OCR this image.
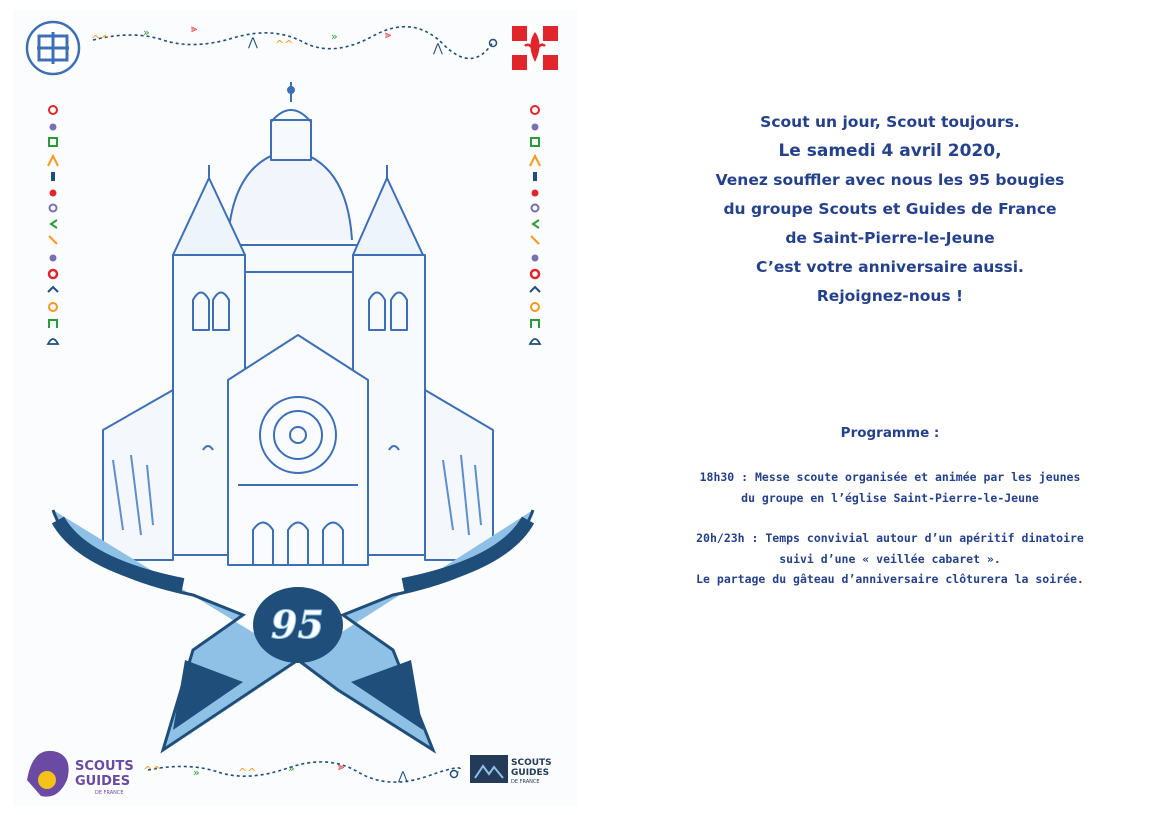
^^
»	⫸
⋀ ^^
»	⫸
⋀
95
^^	»	^^	»	⫸
⋀
SCOUTS
GUIDES
DE FRANCE
SCOUTS
GUIDES
DE FRANCE
Scout un jour, Scout toujours.
Le samedi 4 avril 2020,
Venez souffler avec nous les 95 bougies
du groupe Scouts et Guides de France
de Saint-Pierre-le-Jeune
C’est votre anniversaire aussi.
Rejoignez-nous !
Programme :
18h30 : Messe scoute organisée et animée par les jeunes
du groupe en l’église Saint-Pierre-le-Jeune
20h/23h : Temps convivial autour d’un apéritif dinatoire
suivi d’une « veillée cabaret ».
Le partage du gâteau d’anniversaire clôturera la soirée.
